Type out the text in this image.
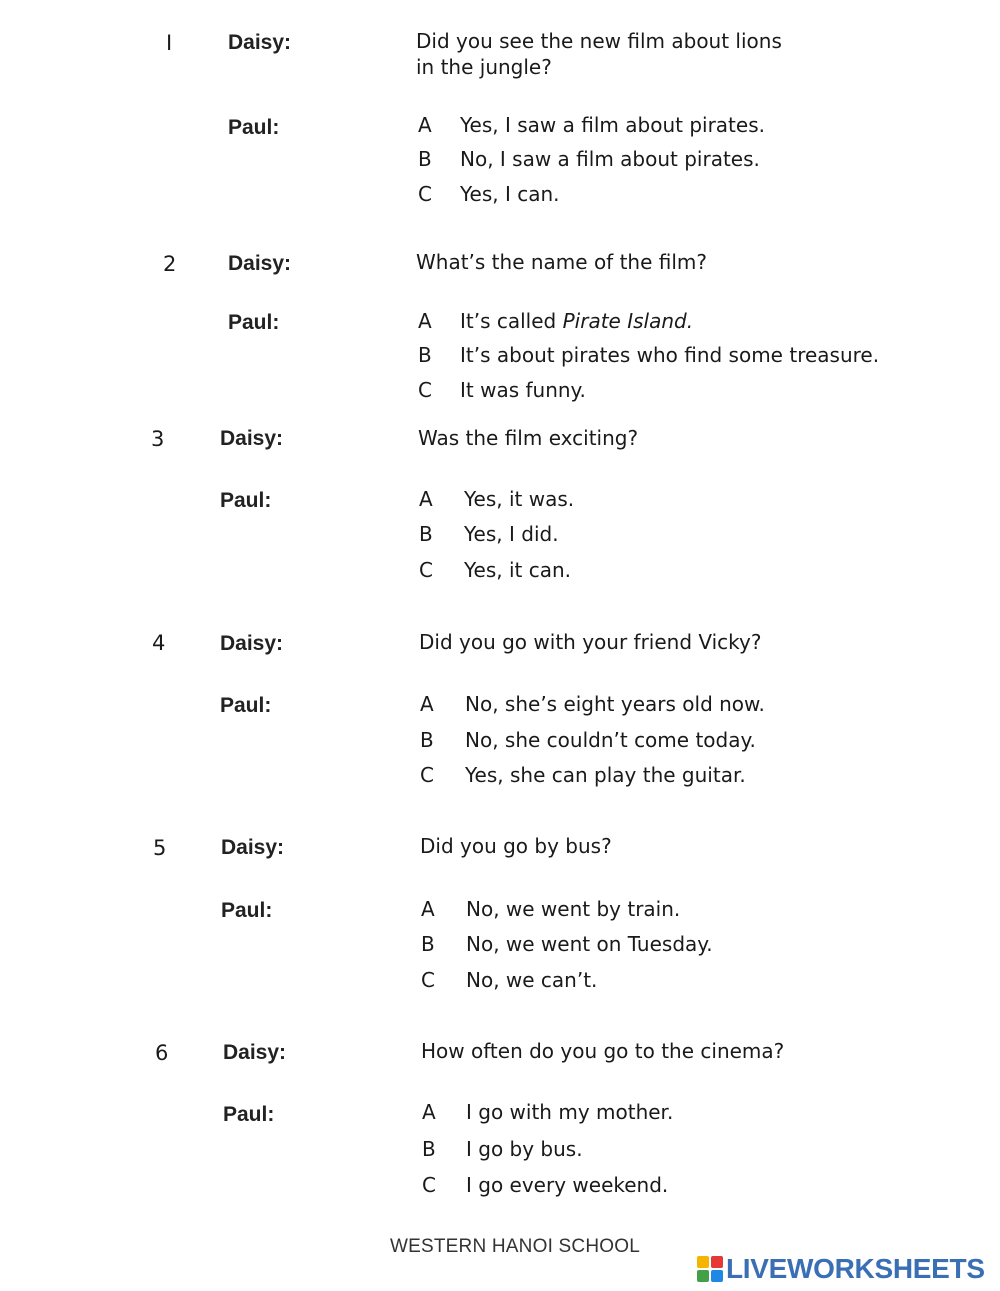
I	Daisy:	Did you see the new film about lions in the jungle?
Paul:	A Yes, I saw a film about pirates.
B No, I saw a film about pirates.
C Yes, I can.
2 Daisy:	What’s the name of the film?
Paul:	A It’s called Pirate Island.
B It’s about pirates who find some treasure.
C It was funny.
3	Daisy:	Was the film exciting?
Paul:	A Yes, it was.
B Yes, I did.
C Yes, it can.
4	Daisy:	Did you go with your friend Vicky?
Paul:	A No, she’s eight years old now.
B No, she couldn’t come today.
C Yes, she can play the guitar.
5	Daisy:	Did you go by bus?
Paul:	A No, we went by train.
B No, we went on Tuesday.
C No, we can’t.
6	Daisy:	How often do you go to the cinema?
Paul:	A I go with my mother.
B I go by bus.
C I go every weekend.
WESTERN HANOI SCHOOL
LIVEWORKSHEETS
